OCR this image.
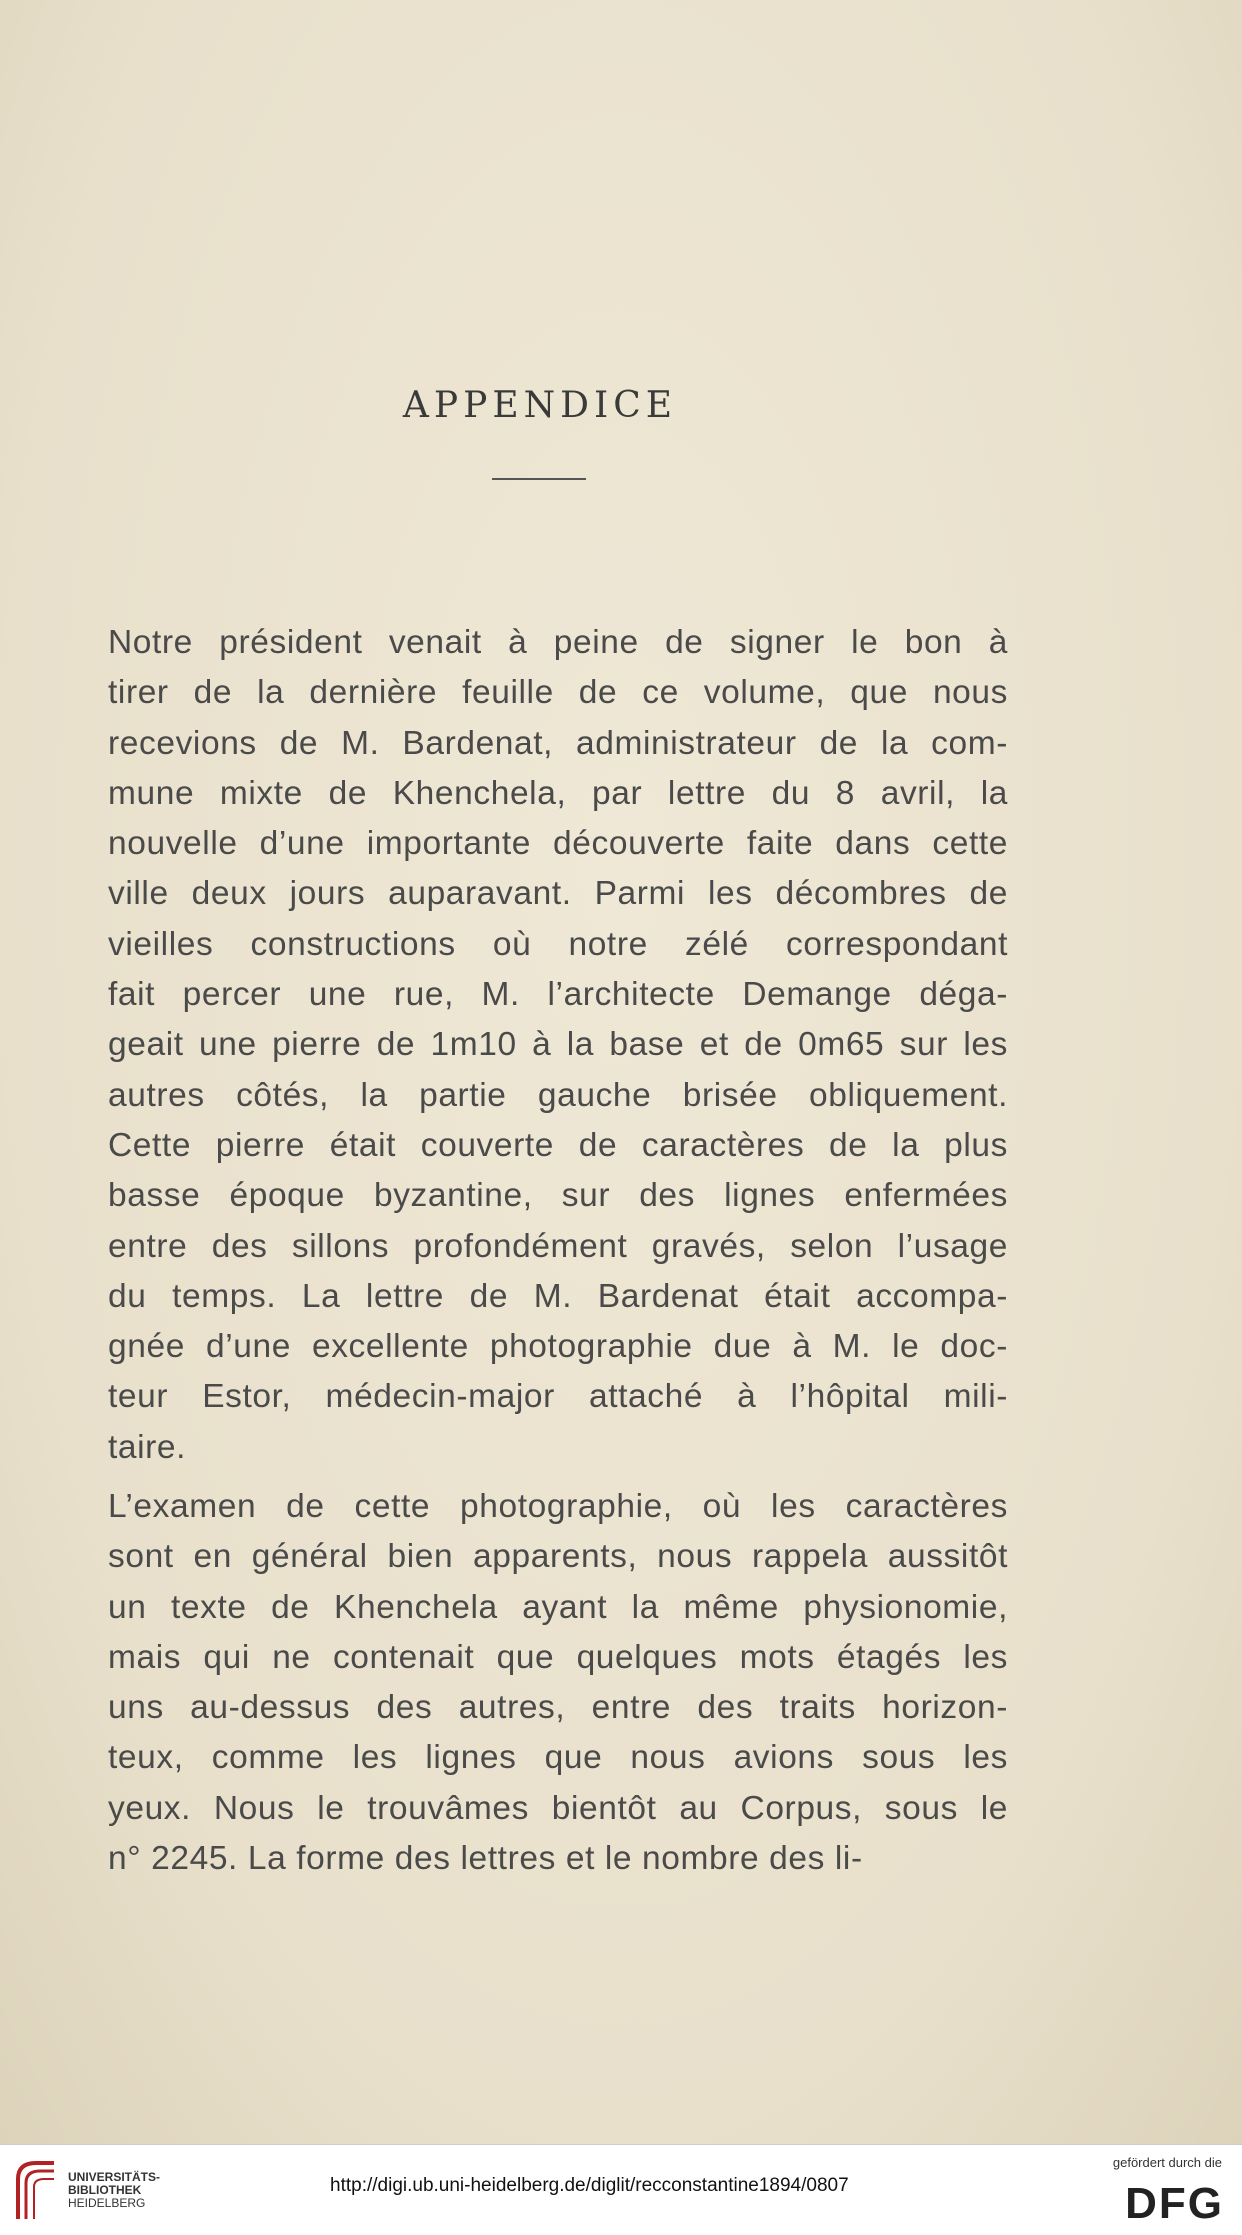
APPENDICE

Notre président venait à peine de signer le bon à
tirer de la dernière feuille de ce volume, que nous
recevions de M. Bardenat, administrateur de la com-
mune mixte de Khenchela, par lettre du 8 avril, la
nouvelle d’une importante découverte faite dans cette
ville deux jours auparavant. Parmi les décombres de
vieilles constructions où notre zélé correspondant
fait percer une rue, M. l’architecte Demange déga-
geait une pierre de 1m10 à la base et de 0m65 sur les
autres côtés, la partie gauche brisée obliquement.
Cette pierre était couverte de caractères de la plus
basse époque byzantine, sur des lignes enfermées
entre des sillons profondément gravés, selon l’usage
du temps. La lettre de M. Bardenat était accompa-
gnée d’une excellente photographie due à M. le doc-
teur Estor, médecin-major attaché à l’hôpital mili-
taire.

L’examen de cette photographie, où les caractères
sont en général bien apparents, nous rappela aussitôt
un texte de Khenchela ayant la même physionomie,
mais qui ne contenait que quelques mots étagés les
uns au-dessus des autres, entre des traits horizon-
teux, comme les lignes que nous avions sous les
yeux. Nous le trouvâmes bientôt au Corpus, sous le
n° 2245. La forme des lettres et le nombre des li-

UNIVERSITÄTS-
BIBLIOTHEK
HEIDELBERG
http://digi.ub.uni-heidelberg.de/diglit/recconstantine1894/0807
gefördert durch die
DFG
